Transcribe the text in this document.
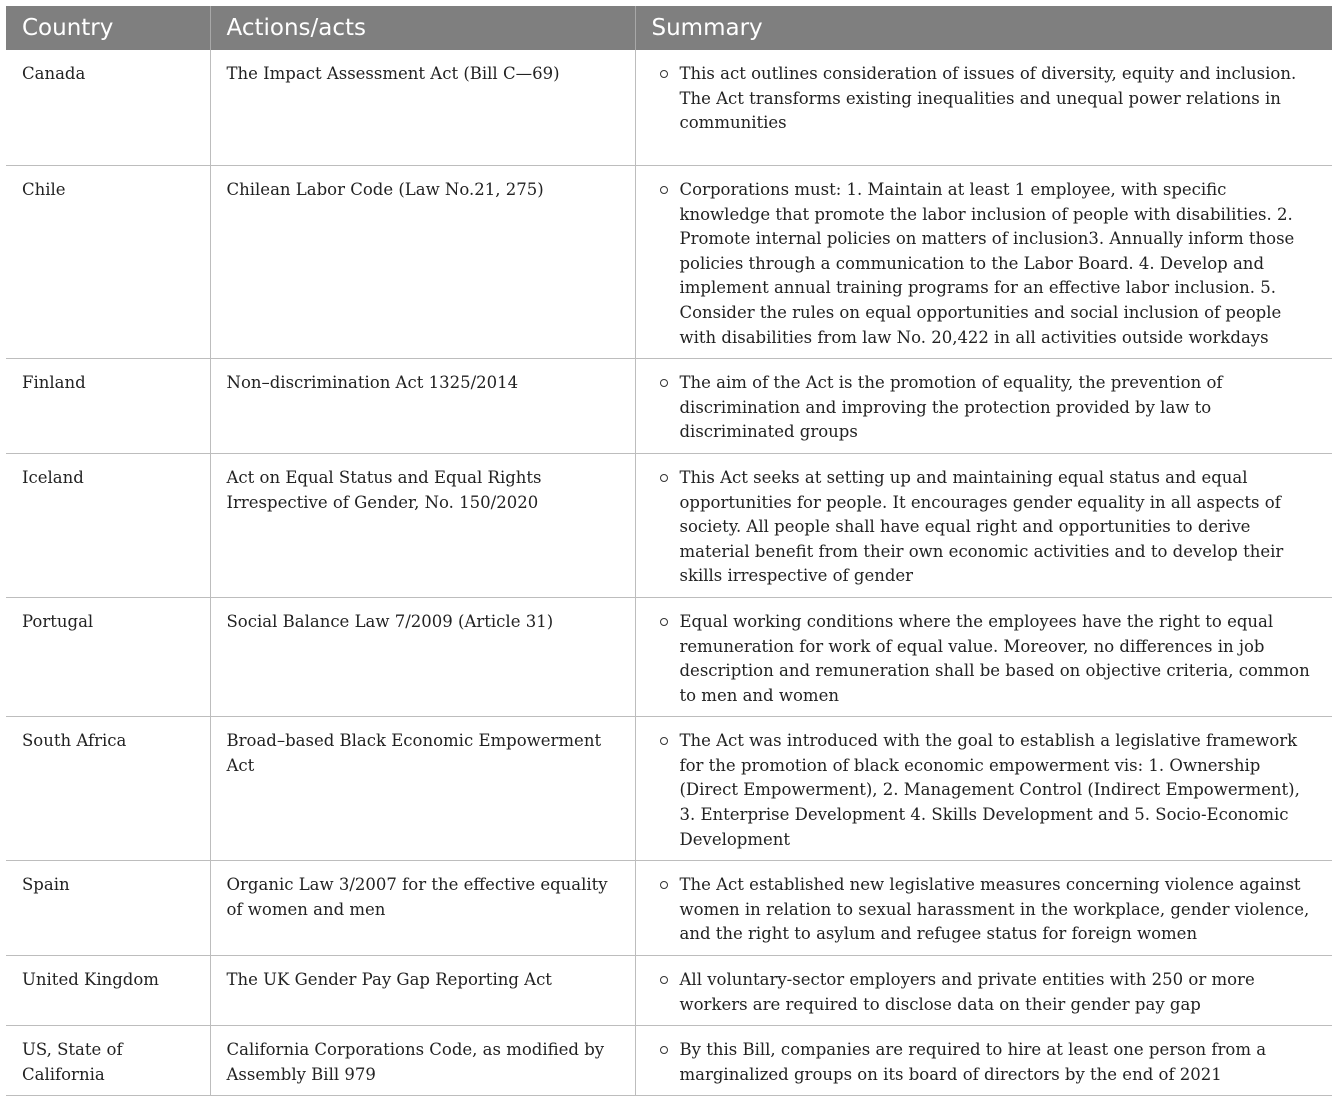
Country	Actions/acts	Summary
Canada	The Impact Assessment Act (Bill C—69)	This act outlines consideration of issues of diversity, equity and inclusion. The Act transforms existing inequalities and unequal power relations in communities

Chile	Chilean Labor Code (Law No.21, 275)	Corporations must: 1. Maintain at least 1 employee, with specific knowledge that promote the labor inclusion of people with disabilities. 2. Promote internal policies on matters of inclusion3. Annually inform those policies through a communication to the Labor Board. 4. Develop and implement annual training programs for an effective labor inclusion. 5. Consider the rules on equal opportunities and social inclusion of people with disabilities from law No. 20,422 in all activities outside workdays

Finland	Non–discrimination Act 1325/2014	The aim of the Act is the promotion of equality, the prevention of discrimination and improving the protection provided by law to discriminated groups

Iceland	Act on Equal Status and Equal Rights Irrespective of Gender, No. 150/2020	This Act seeks at setting up and maintaining equal status and equal opportunities for people. It encourages gender equality in all aspects of society. All people shall have equal right and opportunities to derive material benefit from their own economic activities and to develop their skills irrespective of gender

Portugal	Social Balance Law 7/2009 (Article 31)	Equal working conditions where the employees have the right to equal remuneration for work of equal value. Moreover, no differences in job description and remuneration shall be based on objective criteria, common to men and women

South Africa	Broad–based Black Economic Empowerment Act	The Act was introduced with the goal to establish a legislative framework for the promotion of black economic empowerment vis: 1. Ownership (Direct Empowerment), 2. Management Control (Indirect Empowerment), 3. Enterprise Development 4. Skills Development and 5. Socio-Economic Development

Spain	Organic Law 3/2007 for the effective equality of women and men	The Act established new legislative measures concerning violence against women in relation to sexual harassment in the workplace, gender violence, and the right to asylum and refugee status for foreign women

United Kingdom	The UK Gender Pay Gap Reporting Act	All voluntary-sector employers and private entities with 250 or more workers are required to disclose data on their gender pay gap

US, State of California	California Corporations Code, as modified by Assembly Bill 979	By this Bill, companies are required to hire at least one person from a marginalized groups on its board of directors by the end of 2021
